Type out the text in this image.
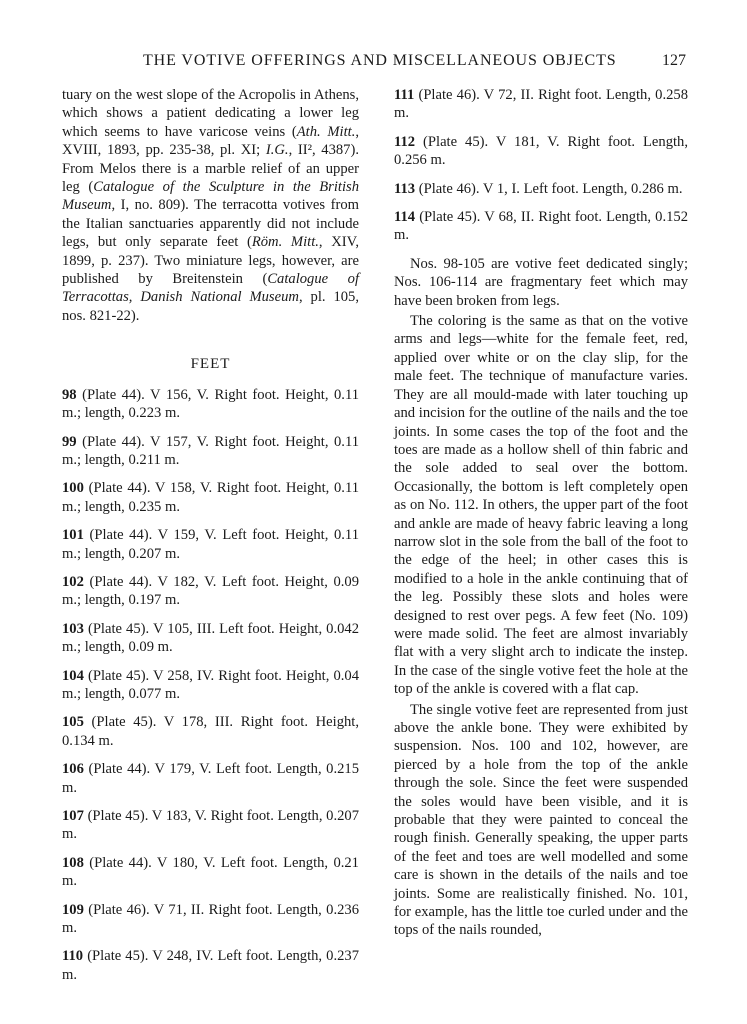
THE VOTIVE OFFERINGS AND MISCELLANEOUS OBJECTS	127

tuary on the west slope of the Acropolis in Athens, which shows a patient dedicating a lower leg which seems to have varicose veins (Ath. Mitt., XVIII, 1893, pp. 235-38, pl. XI; I.G., II², 4387). From Melos there is a marble relief of an upper leg (Catalogue of the Sculpture in the British Museum, I, no. 809). The terracotta votives from the Italian sanctuaries apparently did not include legs, but only separate feet (Röm. Mitt., XIV, 1899, p. 237). Two miniature legs, however, are published by Breitenstein (Catalogue of Terracottas, Danish National Museum, pl. 105, nos. 821-22).

FEET

98 (Plate 44). V 156, V. Right foot. Height, 0.11 m.; length, 0.223 m.

99 (Plate 44). V 157, V. Right foot. Height, 0.11 m.; length, 0.211 m.

100 (Plate 44). V 158, V. Right foot. Height, 0.11 m.; length, 0.235 m.

101 (Plate 44). V 159, V. Left foot. Height, 0.11 m.; length, 0.207 m.

102 (Plate 44). V 182, V. Left foot. Height, 0.09 m.; length, 0.197 m.

103 (Plate 45). V 105, III. Left foot. Height, 0.042 m.; length, 0.09 m.

104 (Plate 45). V 258, IV. Right foot. Height, 0.04 m.; length, 0.077 m.

105 (Plate 45). V 178, III. Right foot. Height, 0.134 m.

106 (Plate 44). V 179, V. Left foot. Length, 0.215 m.

107 (Plate 45). V 183, V. Right foot. Length, 0.207 m.

108 (Plate 44). V 180, V. Left foot. Length, 0.21 m.

109 (Plate 46). V 71, II. Right foot. Length, 0.236 m.

110 (Plate 45). V 248, IV. Left foot. Length, 0.237 m.

111 (Plate 46). V 72, II. Right foot. Length, 0.258 m.

112 (Plate 45). V 181, V. Right foot. Length, 0.256 m.

113 (Plate 46). V 1, I. Left foot. Length, 0.286 m.

114 (Plate 45). V 68, II. Right foot. Length, 0.152 m.

Nos. 98-105 are votive feet dedicated singly; Nos. 106-114 are fragmentary feet which may have been broken from legs.

The coloring is the same as that on the votive arms and legs—white for the female feet, red, applied over white or on the clay slip, for the male feet. The technique of manufacture varies. They are all mould-made with later touching up and incision for the outline of the nails and the toe joints. In some cases the top of the foot and the toes are made as a hollow shell of thin fabric and the sole added to seal over the bottom. Occasionally, the bottom is left completely open as on No. 112. In others, the upper part of the foot and ankle are made of heavy fabric leaving a long narrow slot in the sole from the ball of the foot to the edge of the heel; in other cases this is modified to a hole in the ankle continuing that of the leg. Possibly these slots and holes were designed to rest over pegs. A few feet (No. 109) were made solid. The feet are almost invariably flat with a very slight arch to indicate the instep. In the case of the single votive feet the hole at the top of the ankle is covered with a flat cap.

The single votive feet are represented from just above the ankle bone. They were exhibited by suspension. Nos. 100 and 102, however, are pierced by a hole from the top of the ankle through the sole. Since the feet were suspended the soles would have been visible, and it is probable that they were painted to conceal the rough finish. Generally speaking, the upper parts of the feet and toes are well modelled and some care is shown in the details of the nails and toe joints. Some are realistically finished. No. 101, for example, has the little toe curled under and the tops of the nails rounded,
